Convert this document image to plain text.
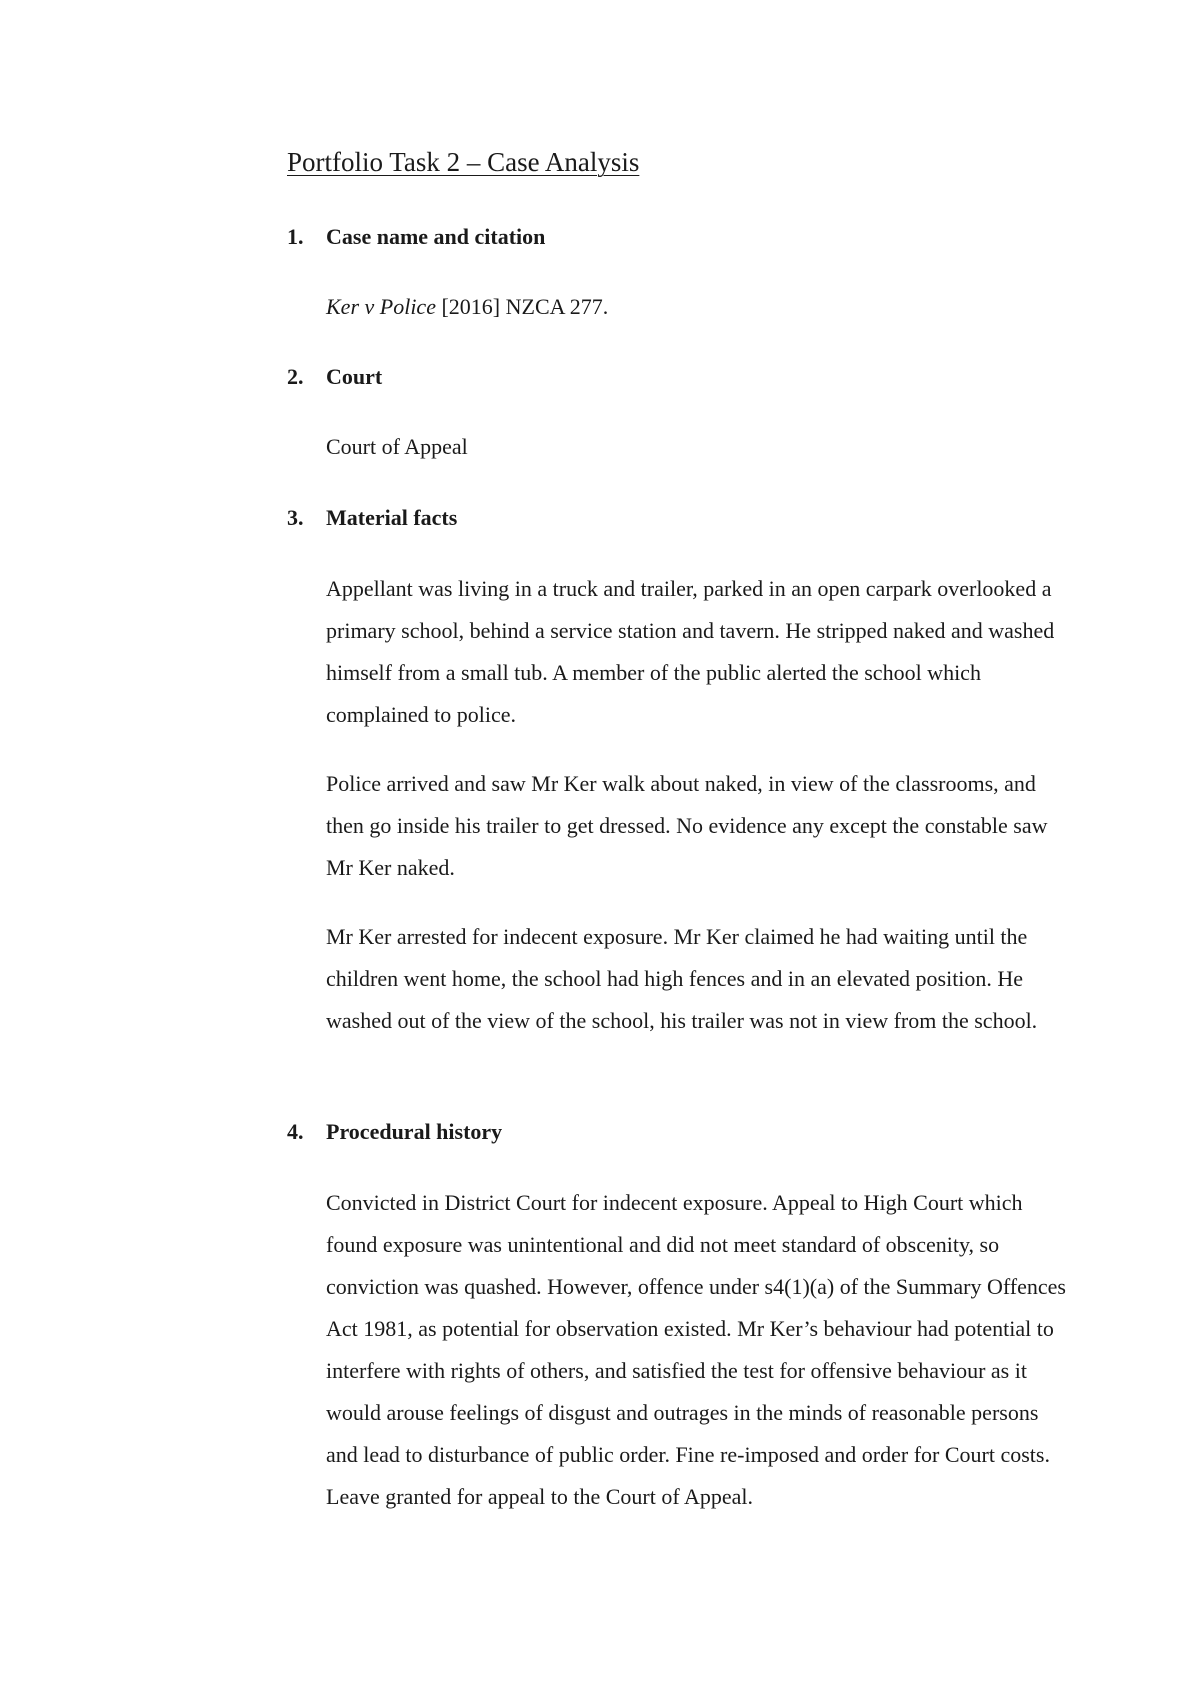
Portfolio Task 2 – Case Analysis
1. Case name and citation

Ker v Police [2016] NZCA 277.

2. Court

Court of Appeal

3. Material facts

Appellant was living in a truck and trailer, parked in an open carpark overlooked a primary school, behind a service station and tavern. He stripped naked and washed himself from a small tub. A member of the public alerted the school which complained to police.

Police arrived and saw Mr Ker walk about naked, in view of the classrooms, and then go inside his trailer to get dressed. No evidence any except the constable saw Mr Ker naked.

Mr Ker arrested for indecent exposure. Mr Ker claimed he had waiting until the children went home, the school had high fences and in an elevated position. He washed out of the view of the school, his trailer was not in view from the school.

4. Procedural history

Convicted in District Court for indecent exposure. Appeal to High Court which found exposure was unintentional and did not meet standard of obscenity, so conviction was quashed. However, offence under s4(1)(a) of the Summary Offences Act 1981, as potential for observation existed. Mr Ker’s behaviour had potential to interfere with rights of others, and satisfied the test for offensive behaviour as it would arouse feelings of disgust and outrages in the minds of reasonable persons and lead to disturbance of public order. Fine re-imposed and order for Court costs. Leave granted for appeal to the Court of Appeal.
